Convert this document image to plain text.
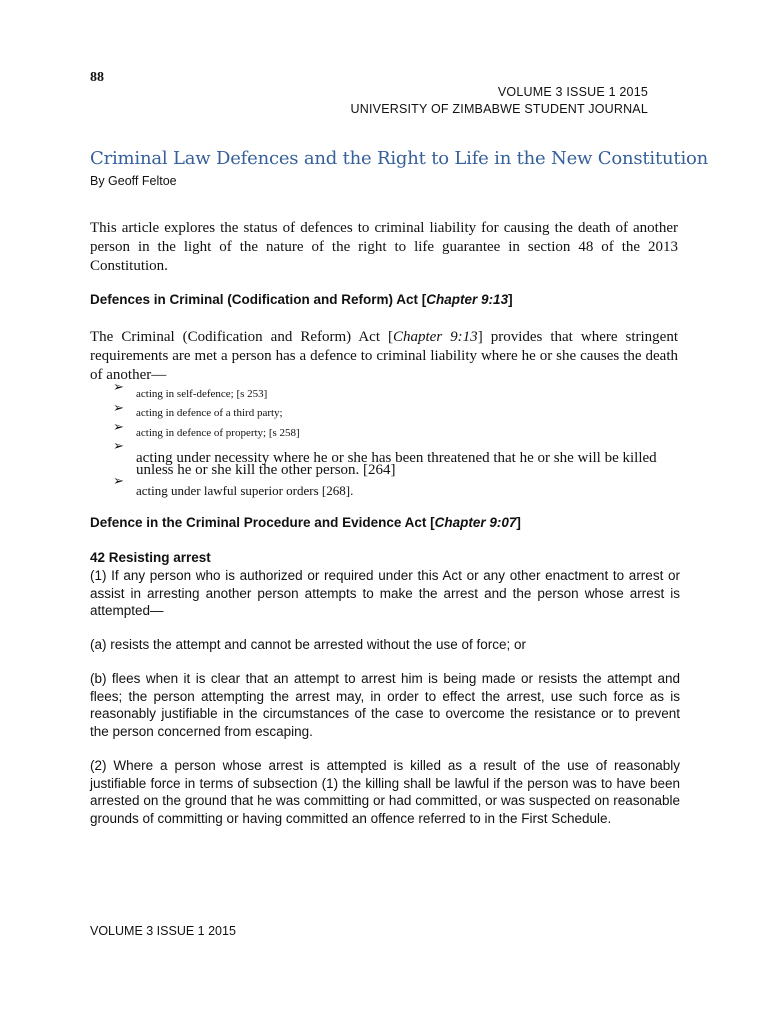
88
VOLUME 3 ISSUE 1 2015
UNIVERSITY OF ZIMBABWE STUDENT JOURNAL
Criminal Law Defences and the Right to Life in the New Constitution
By Geoff Feltoe
This article explores the status of defences to criminal liability for causing the death of another person in the light of the nature of the right to life guarantee in section 48 of the 2013 Constitution.
Defences in Criminal (Codification and Reform) Act [Chapter 9:13]
The Criminal (Codification and Reform) Act [Chapter 9:13] provides that where stringent requirements are met a person has a defence to criminal liability where he or she causes the death of another—
➢ acting in self-defence; [s 253]
➢ acting in defence of a third party;
➢ acting in defence of property; [s 258]
➢
acting under necessity where he or she has been threatened that he or she will be killed
unless he or she kill the other person. [264]
➢
acting under lawful superior orders [268].
Defence in the Criminal Procedure and Evidence Act [Chapter 9:07]
42 Resisting arrest
(1) If any person who is authorized or required under this Act or any other enactment to arrest or assist in arresting another person attempts to make the arrest and the person whose arrest is attempted—
(a) resists the attempt and cannot be arrested without the use of force; or
(b) flees when it is clear that an attempt to arrest him is being made or resists the attempt and flees; the person attempting the arrest may, in order to effect the arrest, use such force as is reasonably justifiable in the circumstances of the case to overcome the resistance or to prevent the person concerned from escaping.
(2) Where a person whose arrest is attempted is killed as a result of the use of reasonably justifiable force in terms of subsection (1) the killing shall be lawful if the person was to have been arrested on the ground that he was committing or had committed, or was suspected on reasonable grounds of committing or having committed an offence referred to in the First Schedule.
VOLUME 3 ISSUE 1 2015
